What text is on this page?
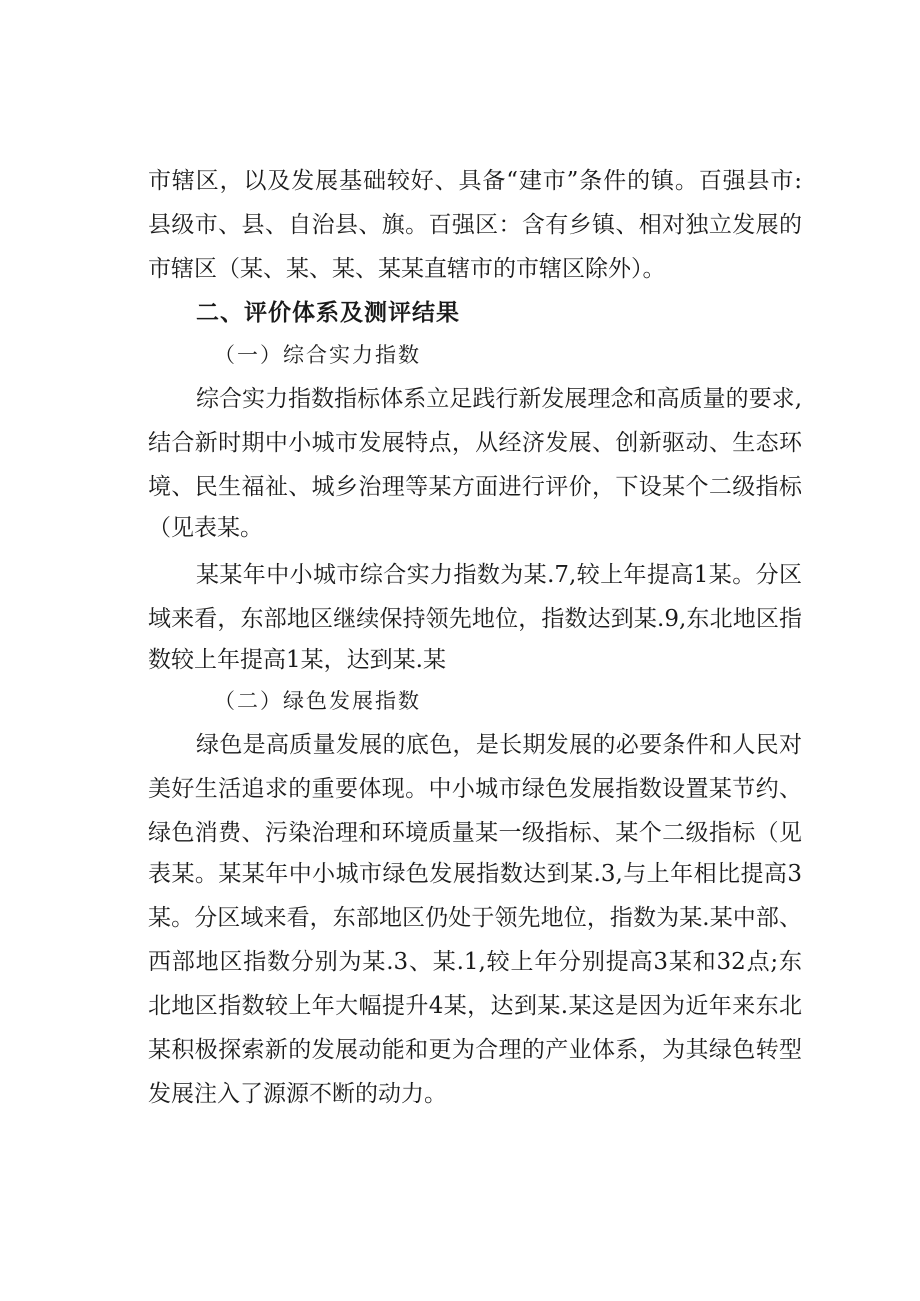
市辖区，以及发展基础较好、具备“建市”条件的镇。百强县市:
县级市、县、自治县、旗。百强区：含有乡镇、相对独立发展的
市辖区（某、某、某、某某直辖市的市辖区除外）。
二、评价体系及测评结果
（一）综合实力指数
综合实力指数指标体系立足践行新发展理念和高质量的要求,
结合新时期中小城市发展特点，从经济发展、创新驱动、生态环
境、民生福祉、城乡治理等某方面进行评价，下设某个二级指标
（见表某。
某某年中小城市综合实力指数为某.7,较上年提高1某。分区
域来看，东部地区继续保持领先地位，指数达到某.9,东北地区指
数较上年提高1某，达到某.某
（二）绿色发展指数
绿色是高质量发展的底色，是长期发展的必要条件和人民对
美好生活追求的重要体现。中小城市绿色发展指数设置某节约、
绿色消费、污染治理和环境质量某一级指标、某个二级指标（见
表某。某某年中小城市绿色发展指数达到某.3,与上年相比提高3
某。分区域来看，东部地区仍处于领先地位，指数为某.某中部、
西部地区指数分别为某.3、某.1,较上年分别提高3某和32点;东
北地区指数较上年大幅提升4某，达到某.某这是因为近年来东北
某积极探索新的发展动能和更为合理的产业体系，为其绿色转型
发展注入了源源不断的动力。
